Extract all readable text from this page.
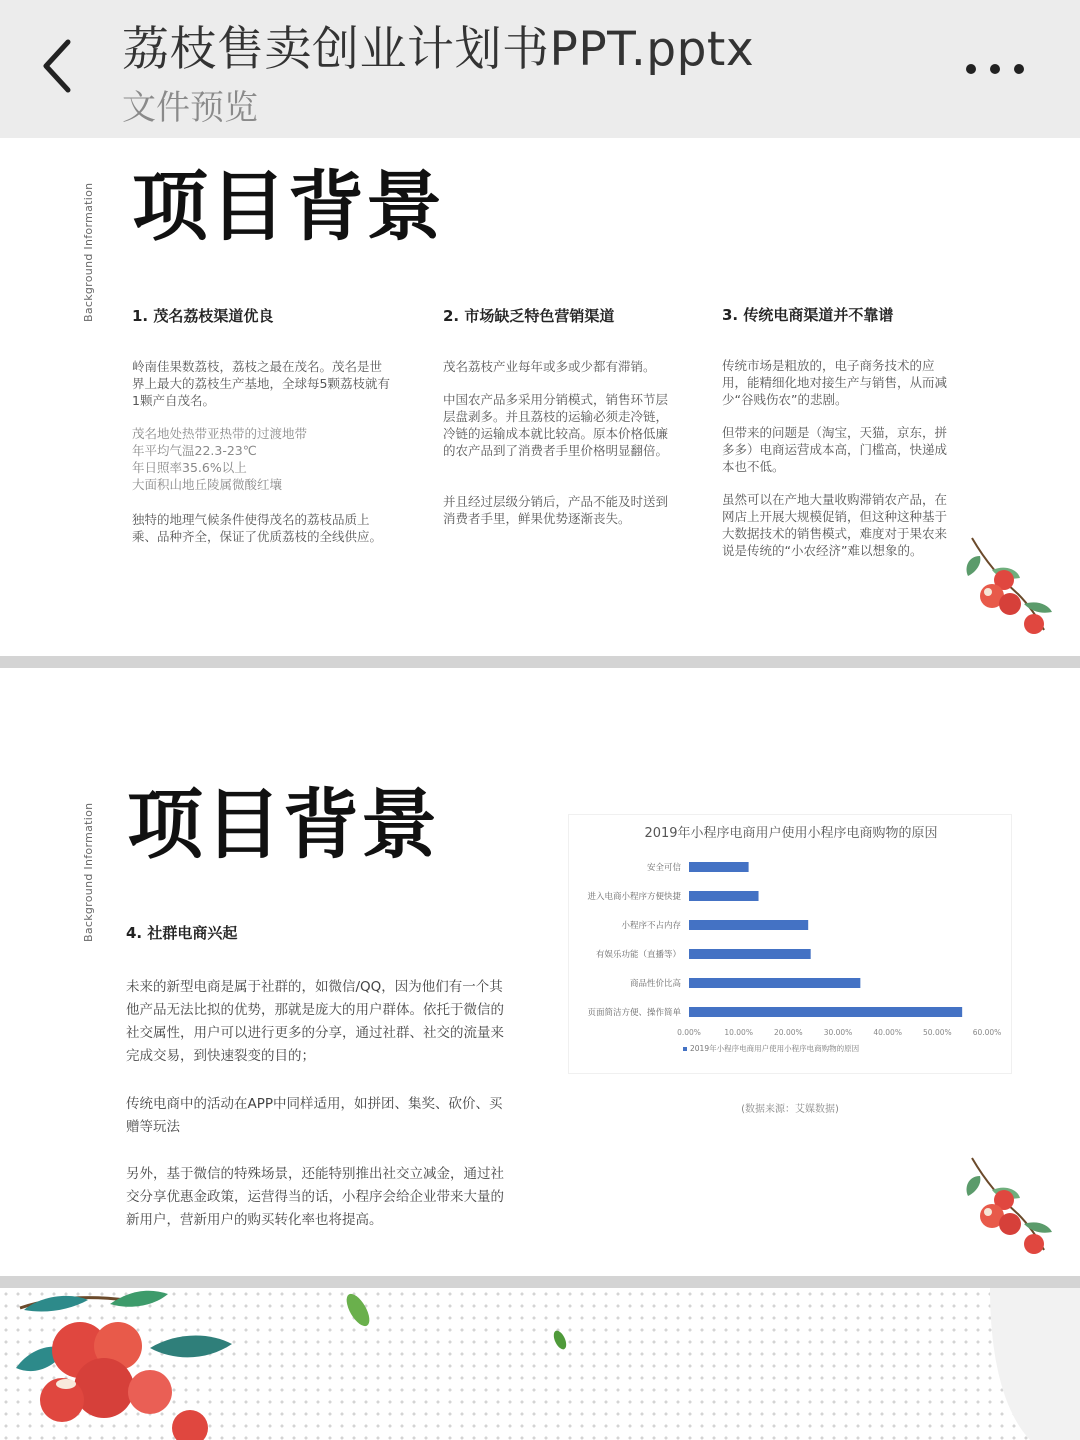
荔枝售卖创业计划书PPT.pptx
文件预览
项目背景
Background Information 1. 茂名荔枝渠道优良
岭南佳果数荔枝，荔枝之最在茂名。茂名是世界上最大的荔枝生产基地，全球每5颗荔枝就有1颗产自茂名。
茂名地处热带亚热带的过渡地带
年平均气温22.3-23℃
年日照率35.6%以上
大面积山地丘陵属微酸红壤
独特的地理气候条件使得茂名的荔枝品质上乘、品种齐全，保证了优质荔枝的全线供应。
2. 市场缺乏特色营销渠道
茂名荔枝产业每年或多或少都有滞销。
中国农产品多采用分销模式，销售环节层层盘剥多。并且荔枝的运输必须走冷链，冷链的运输成本就比较高。原本价格低廉的农产品到了消费者手里价格明显翻倍。
并且经过层级分销后，产品不能及时送到消费者手里，鲜果优势逐渐丧失。
3. 传统电商渠道并不靠谱
传统市场是粗放的，电子商务技术的应用，能精细化地对接生产与销售，从而减少“谷贱伤农”的悲剧。
但带来的问题是（淘宝，天猫，京东，拼多多）电商运营成本高，门槛高，快递成本也不低。
虽然可以在产地大量收购滞销农产品，在网店上开展大规模促销，但这种这种基于大数据技术的销售模式，难度对于果农来说是传统的“小农经济”难以想象的。
项目背景
Background Information 4. 社群电商兴起
未来的新型电商是属于社群的，如微信/QQ，因为他们有一个其他产品无法比拟的优势，那就是庞大的用户群体。依托于微信的社交属性，用户可以进行更多的分享，通过社群、社交的流量来完成交易，到快速裂变的目的；
传统电商中的活动在APP中同样适用，如拼团、集奖、砍价、买赠等玩法
另外，基于微信的特殊场景，还能特别推出社交立减金，通过社交分享优惠金政策，运营得当的话，小程序会给企业带来大量的新用户，营新用户的购买转化率也将提高。
2019年小程序电商用户使用小程序电商购物的原因
安全可信
进入电商小程序方便快捷
小程序不占内存
有娱乐功能（直播等）
商品性价比高
页面简洁方便、操作简单
0.00%	10.00%	20.00%	30.00%	40.00%	50.00%	60.00%
2019年小程序电商用户使用小程序电商购物的原因
(数据来源：艾媒数据)
